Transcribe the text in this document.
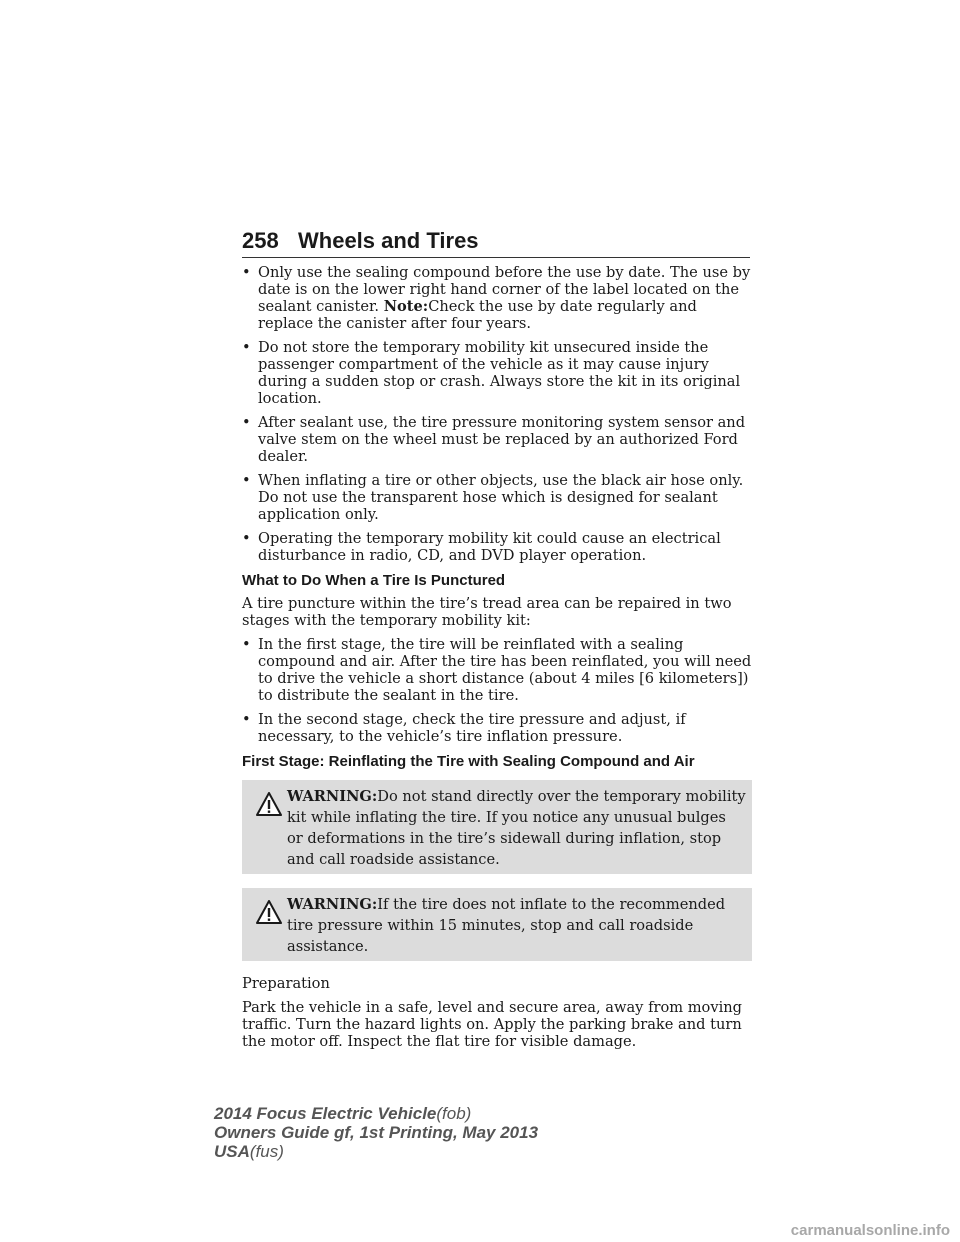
258 Wheels and Tires
• Only use the sealing compound before the use by date. The use by date is on the lower right hand corner of the label located on the sealant canister. Note:Check the use by date regularly and replace the canister after four years.
• Do not store the temporary mobility kit unsecured inside the passenger compartment of the vehicle as it may cause injury during a sudden stop or crash. Always store the kit in its original location.
• After sealant use, the tire pressure monitoring system sensor and valve stem on the wheel must be replaced by an authorized Ford dealer.
• When inflating a tire or other objects, use the black air hose only. Do not use the transparent hose which is designed for sealant application only.
• Operating the temporary mobility kit could cause an electrical disturbance in radio, CD, and DVD player operation.
What to Do When a Tire Is Punctured

A tire puncture within the tire’s tread area can be repaired in two stages with the temporary mobility kit:

• In the first stage, the tire will be reinflated with a sealing compound and air. After the tire has been reinflated, you will need to drive the vehicle a short distance (about 4 miles [6 kilometers]) to distribute the sealant in the tire.
• In the second stage, check the tire pressure and adjust, if necessary, to the vehicle’s tire inflation pressure.
First Stage: Reinflating the Tire with Sealing Compound and Air
WARNING:Do not stand directly over the temporary mobility kit while inflating the tire. If you notice any unusual bulges or deformations in the tire’s sidewall during inflation, stop and call roadside assistance.
WARNING:If the tire does not inflate to the recommended tire pressure within 15 minutes, stop and call roadside assistance.

Preparation

Park the vehicle in a safe, level and secure area, away from moving traffic. Turn the hazard lights on. Apply the parking brake and turn the motor off. Inspect the flat tire for visible damage.

2014 Focus Electric Vehicle(fob)
Owners Guide gf, 1st Printing, May 2013
USA(fus)
carmanualsonline.info
